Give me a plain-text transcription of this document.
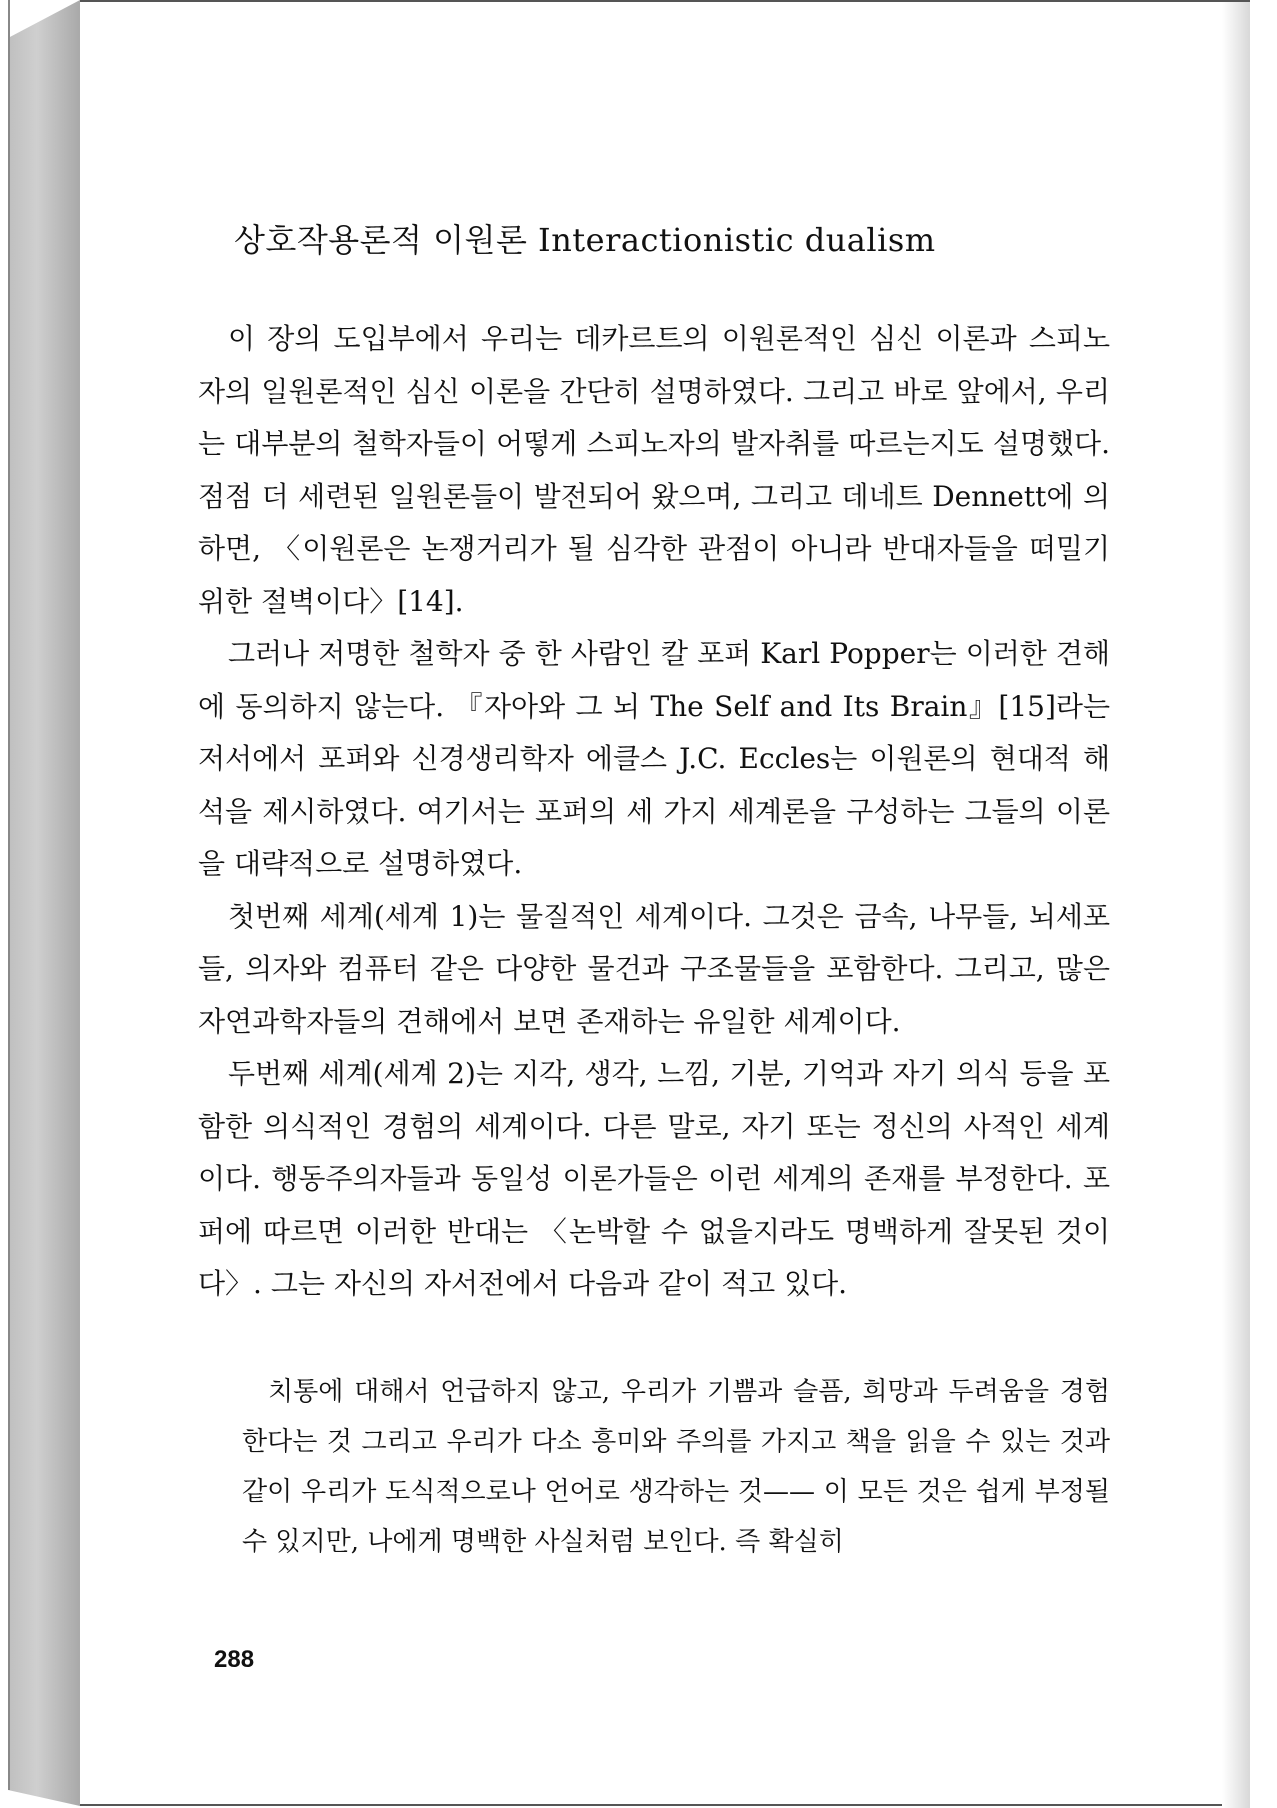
상호작용론적 이원론 Interactionistic dualism

이 장의 도입부에서 우리는 데카르트의 이원론적인 심신 이론과 스피노자의 일원론적인 심신 이론을 간단히 설명하였다. 그리고 바로 앞에서, 우리는 대부분의 철학자들이 어떻게 스피노자의 발자취를 따르는지도 설명했다. 점점 더 세련된 일원론들이 발전되어 왔으며, 그리고 데네트 Dennett에 의하면, 〈이원론은 논쟁거리가 될 심각한 관점이 아니라 반대자들을 떠밀기 위한 절벽이다〉[14].

그러나 저명한 철학자 중 한 사람인 칼 포퍼 Karl Popper는 이러한 견해에 동의하지 않는다. 『자아와 그 뇌 The Self and Its Brain』[15]라는 저서에서 포퍼와 신경생리학자 에클스 J.C. Eccles는 이원론의 현대적 해석을 제시하였다. 여기서는 포퍼의 세 가지 세계론을 구성하는 그들의 이론을 대략적으로 설명하였다.

첫번째 세계(세계 1)는 물질적인 세계이다. 그것은 금속, 나무들, 뇌세포들, 의자와 컴퓨터 같은 다양한 물건과 구조물들을 포함한다. 그리고, 많은 자연과학자들의 견해에서 보면 존재하는 유일한 세계이다.

두번째 세계(세계 2)는 지각, 생각, 느낌, 기분, 기억과 자기 의식 등을 포함한 의식적인 경험의 세계이다. 다른 말로, 자기 또는 정신의 사적인 세계이다. 행동주의자들과 동일성 이론가들은 이런 세계의 존재를 부정한다. 포퍼에 따르면 이러한 반대는 〈논박할 수 없을지라도 명백하게 잘못된 것이다〉. 그는 자신의 자서전에서 다음과 같이 적고 있다.

치통에 대해서 언급하지 않고, 우리가 기쁨과 슬픔, 희망과 두려움을 경험한다는 것 그리고 우리가 다소 흥미와 주의를 가지고 책을 읽을 수 있는 것과 같이 우리가 도식적으로나 언어로 생각하는 것—— 이 모든 것은 쉽게 부정될 수 있지만, 나에게 명백한 사실처럼 보인다. 즉 확실히

288
